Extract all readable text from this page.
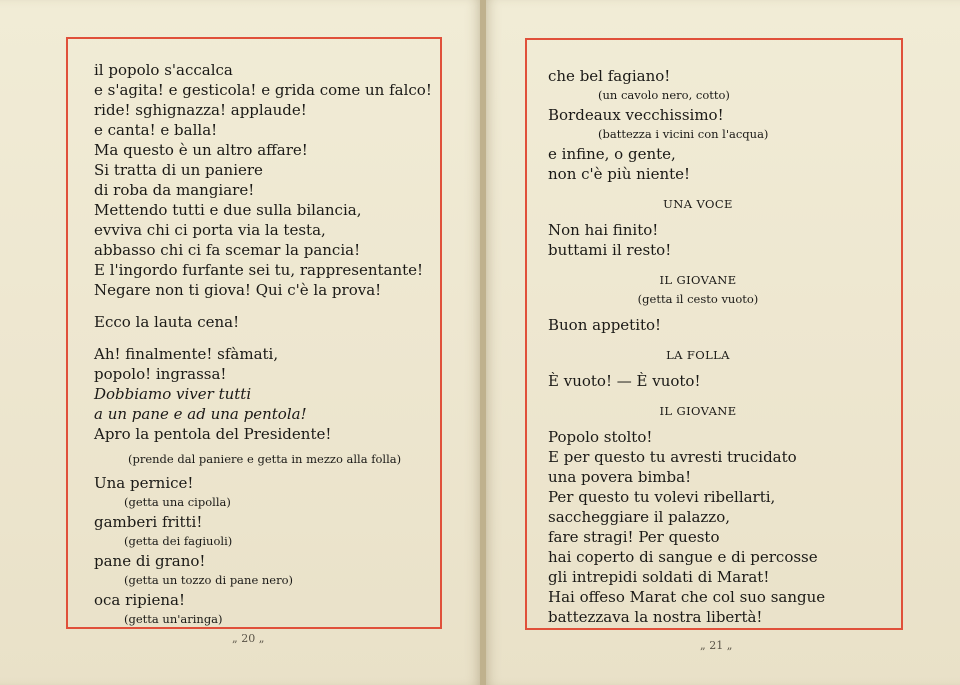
il popolo s'accalca
e s'agita! e gesticola! e grida come un falco!
ride! sghignazza! applaude!
e canta! e balla!
Ma questo è un altro affare!
Si tratta di un paniere
di roba da mangiare!
Mettendo tutti e due sulla bilancia,
evviva chi ci porta via la testa,
abbasso chi ci fa scemar la pancia!
E l'ingordo furfante sei tu, rappresentante!
Negare non ti giova! Qui c'è la prova!
Ecco la lauta cena!
Ah! finalmente! sfàmati,
popolo! ingrassa!
Dobbiamo viver tutti
a un pane e ad una pentola!
Apro la pentola del Presidente!
(prende dal paniere e getta in mezzo alla folla)
Una pernice!
(getta una cipolla)
gamberi fritti!
(getta dei fagiuoli)
pane di grano!
(getta un tozzo di pane nero)
oca ripiena!
(getta un'aringa)
che bel fagiano!
(un cavolo nero, cotto)
Bordeaux vecchissimo!
(battezza i vicini con l'acqua)
e infine, o gente,
non c'è più niente!
UNA VOCE
Non hai finito!
buttami il resto!
IL GIOVANE
(getta il cesto vuoto)
Buon appetito!
LA FOLLA
È vuoto! — È vuoto!
IL GIOVANE
Popolo stolto!
E per questo tu avresti trucidato
una povera bimba!
Per questo tu volevi ribellarti,
saccheggiare il palazzo,
fare stragi! Per questo
hai coperto di sangue e di percosse
gli intrepidi soldati di Marat!
Hai offeso Marat che col suo sangue
battezzava la nostra libertà!
„ 20 „
„ 21 „
